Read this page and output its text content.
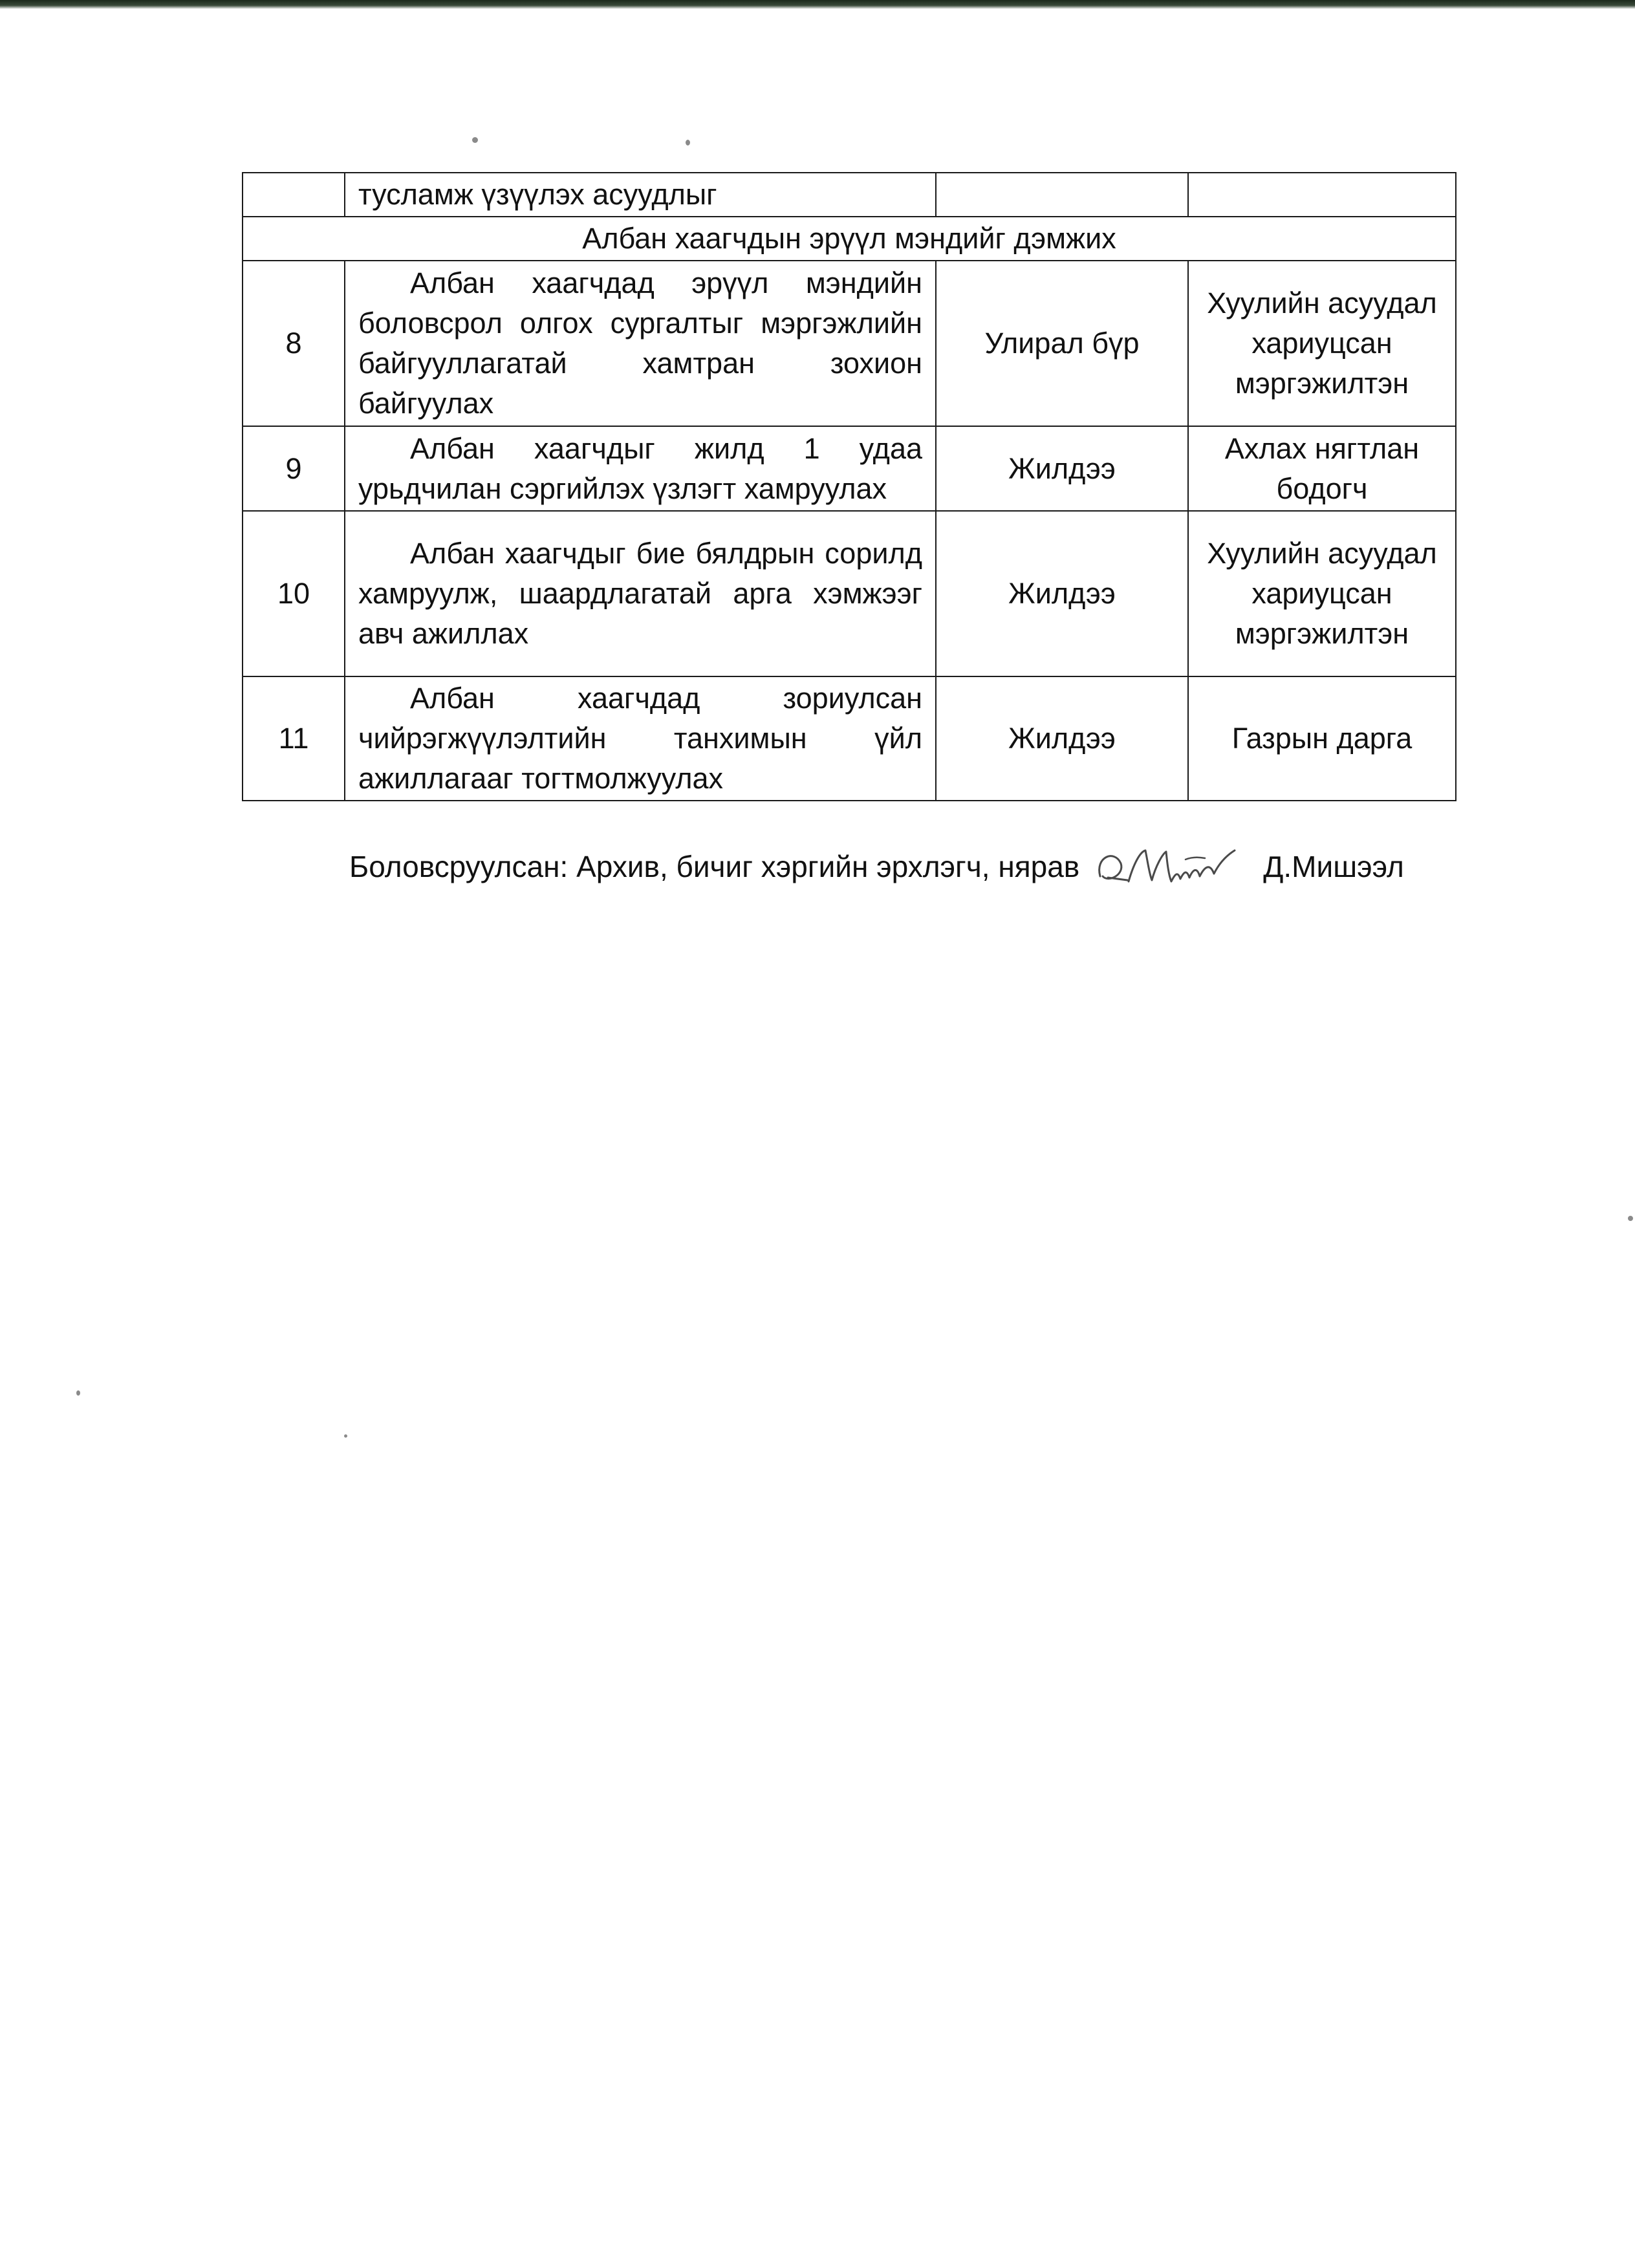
	тусламж үзүүлэх асуудлыг		
Албан хаагчдын эрүүл мэндийг дэмжих			
8	Албан хаагчдад эрүүл мэндийн боловсрол олгох сургалтыг мэргэжлийн байгууллагатай хамтран зохион байгуулах	Улирал бүр	Хуулийн асуудал хариуцсан мэргэжилтэн
9	Албан хаагчдыг жилд 1 удаа урьдчилан сэргийлэх үзлэгт хамруулах	Жилдээ	Ахлах нягтлан бодогч
10	Албан хаагчдыг бие бялдрын сорилд хамруулж, шаардлагатай арга хэмжээг авч ажиллах	Жилдээ	Хуулийн асуудал хариуцсан мэргэжилтэн
11	Албан хаагчдад зориулсан чийрэгжүүлэлтийн танхимын үйл ажиллагааг тогтмолжуулах	Жилдээ	Газрын дарга
Боловсруулсан: Архив, бичиг хэргийн эрхлэгч, нярав	Д.Мишээл
